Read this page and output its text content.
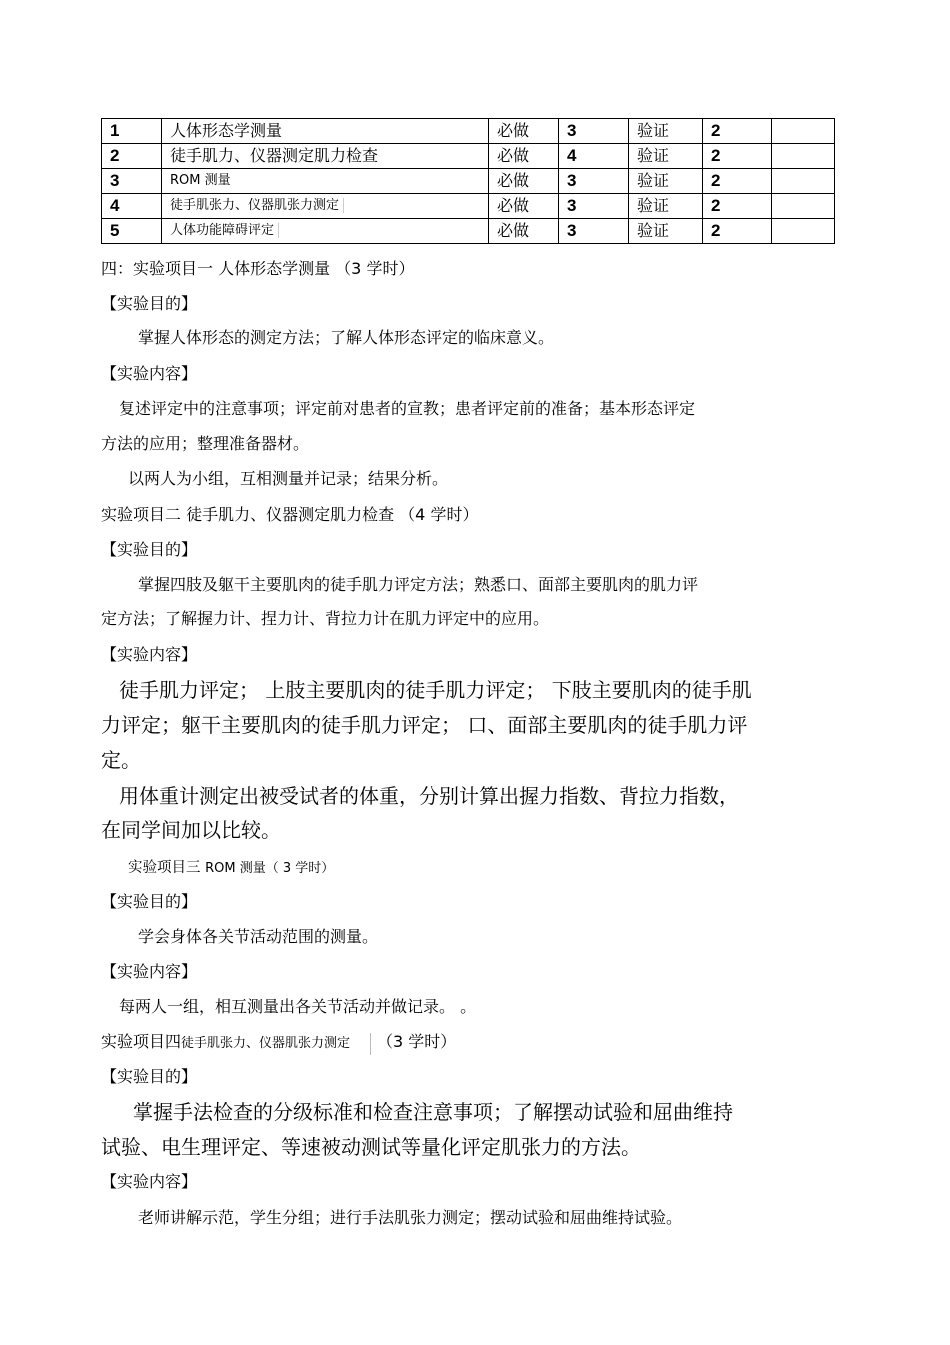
1	人体形态学测量	必做	3	验证	2	
2	徒手肌力、仪器测定肌力检查	必做	4	验证	2	
3	ROM 测量	必做	3	验证	2	
4	徒手肌张力、仪器肌张力测定	必做	3	验证	2	
5	人体功能障碍评定	必做	3	验证	2	

四：实验项目一 人体形态学测量 （3 学时）

【实验目的】

掌握人体形态的测定方法；了解人体形态评定的临床意义。

【实验内容】

复述评定中的注意事项；评定前对患者的宣教；患者评定前的准备；基本形态评定

方法的应用；整理准备器材。

以两人为小组，互相测量并记录；结果分析。

实验项目二 徒手肌力、仪器测定肌力检查 （4 学时）

【实验目的】

掌握四肢及躯干主要肌肉的徒手肌力评定方法；熟悉口、面部主要肌肉的肌力评

定方法；了解握力计、捏力计、背拉力计在肌力评定中的应用。

【实验内容】

徒手肌力评定； 上肢主要肌肉的徒手肌力评定； 下肢主要肌肉的徒手肌

力评定；躯干主要肌肉的徒手肌力评定； 口、面部主要肌肉的徒手肌力评

定。

用体重计测定出被受试者的体重，分别计算出握力指数、背拉力指数，

在同学间加以比较。

实验项目三 ROM 测量（ 3 学时）

【实验目的】

学会身体各关节活动范围的测量。

【实验内容】

每两人一组，相互测量出各关节活动并做记录。 。

实验项目四徒手肌张力、仪器肌张力测定 （3 学时）

【实验目的】

掌握手法检查的分级标准和检查注意事项；了解摆动试验和屈曲维持

试验、电生理评定、等速被动测试等量化评定肌张力的方法。

【实验内容】

老师讲解示范，学生分组；进行手法肌张力测定；摆动试验和屈曲维持试验。
